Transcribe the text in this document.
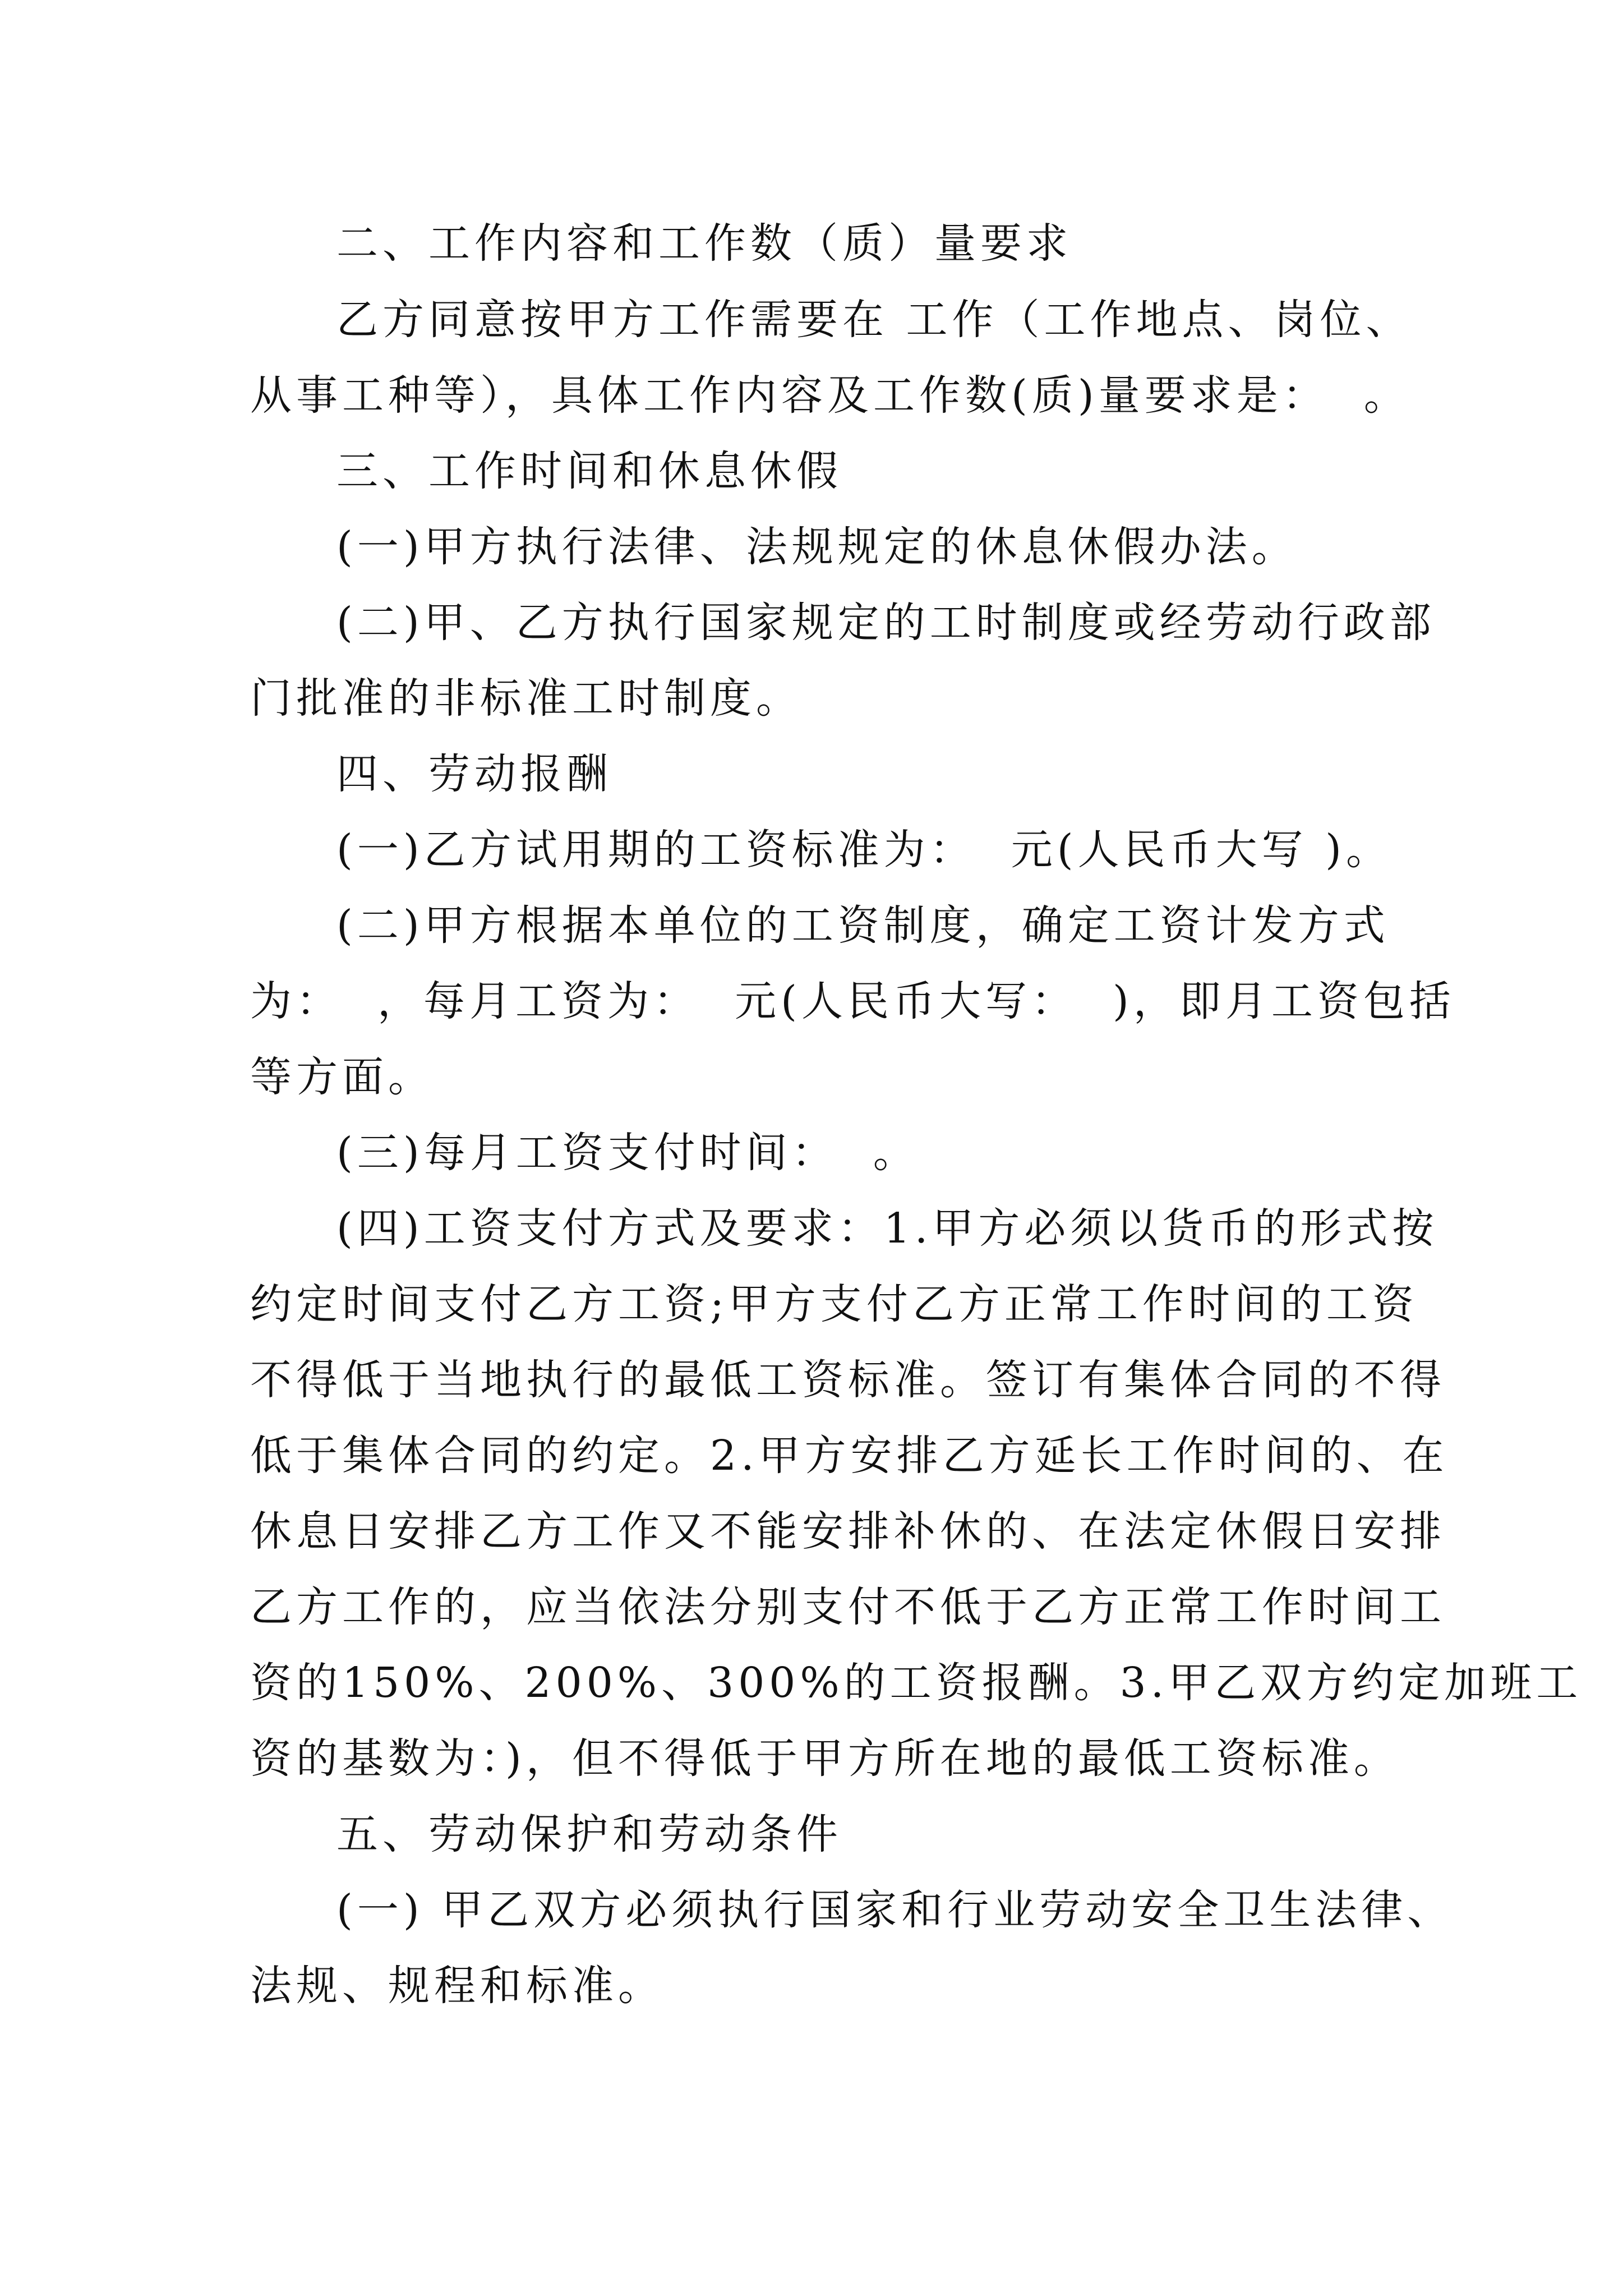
二、工作内容和工作数（质）量要求
乙方同意按甲方工作需要在 工作（工作地点、岗位、
从事工种等），具体工作内容及工作数(质)量要求是：  。
三、工作时间和休息休假
(一)甲方执行法律、法规规定的休息休假办法。
(二)甲、乙方执行国家规定的工时制度或经劳动行政部
门批准的非标准工时制度。
四、劳动报酬
(一)乙方试用期的工资标准为：  元(人民币大写 )。
(二)甲方根据本单位的工资制度，确定工资计发方式
为：  ，每月工资为：  元(人民币大写：  )，即月工资包括
等方面。
(三)每月工资支付时间：  。
(四)工资支付方式及要求：1.甲方必须以货币的形式按
约定时间支付乙方工资;甲方支付乙方正常工作时间的工资
不得低于当地执行的最低工资标准。签订有集体合同的不得
低于集体合同的约定。2.甲方安排乙方延长工作时间的、在
休息日安排乙方工作又不能安排补休的、在法定休假日安排
乙方工作的，应当依法分别支付不低于乙方正常工作时间工
资的150%、200%、300%的工资报酬。3.甲乙双方约定加班工
资的基数为：)，但不得低于甲方所在地的最低工资标准。
五、劳动保护和劳动条件
(一) 甲乙双方必须执行国家和行业劳动安全卫生法律、
法规、规程和标准。
